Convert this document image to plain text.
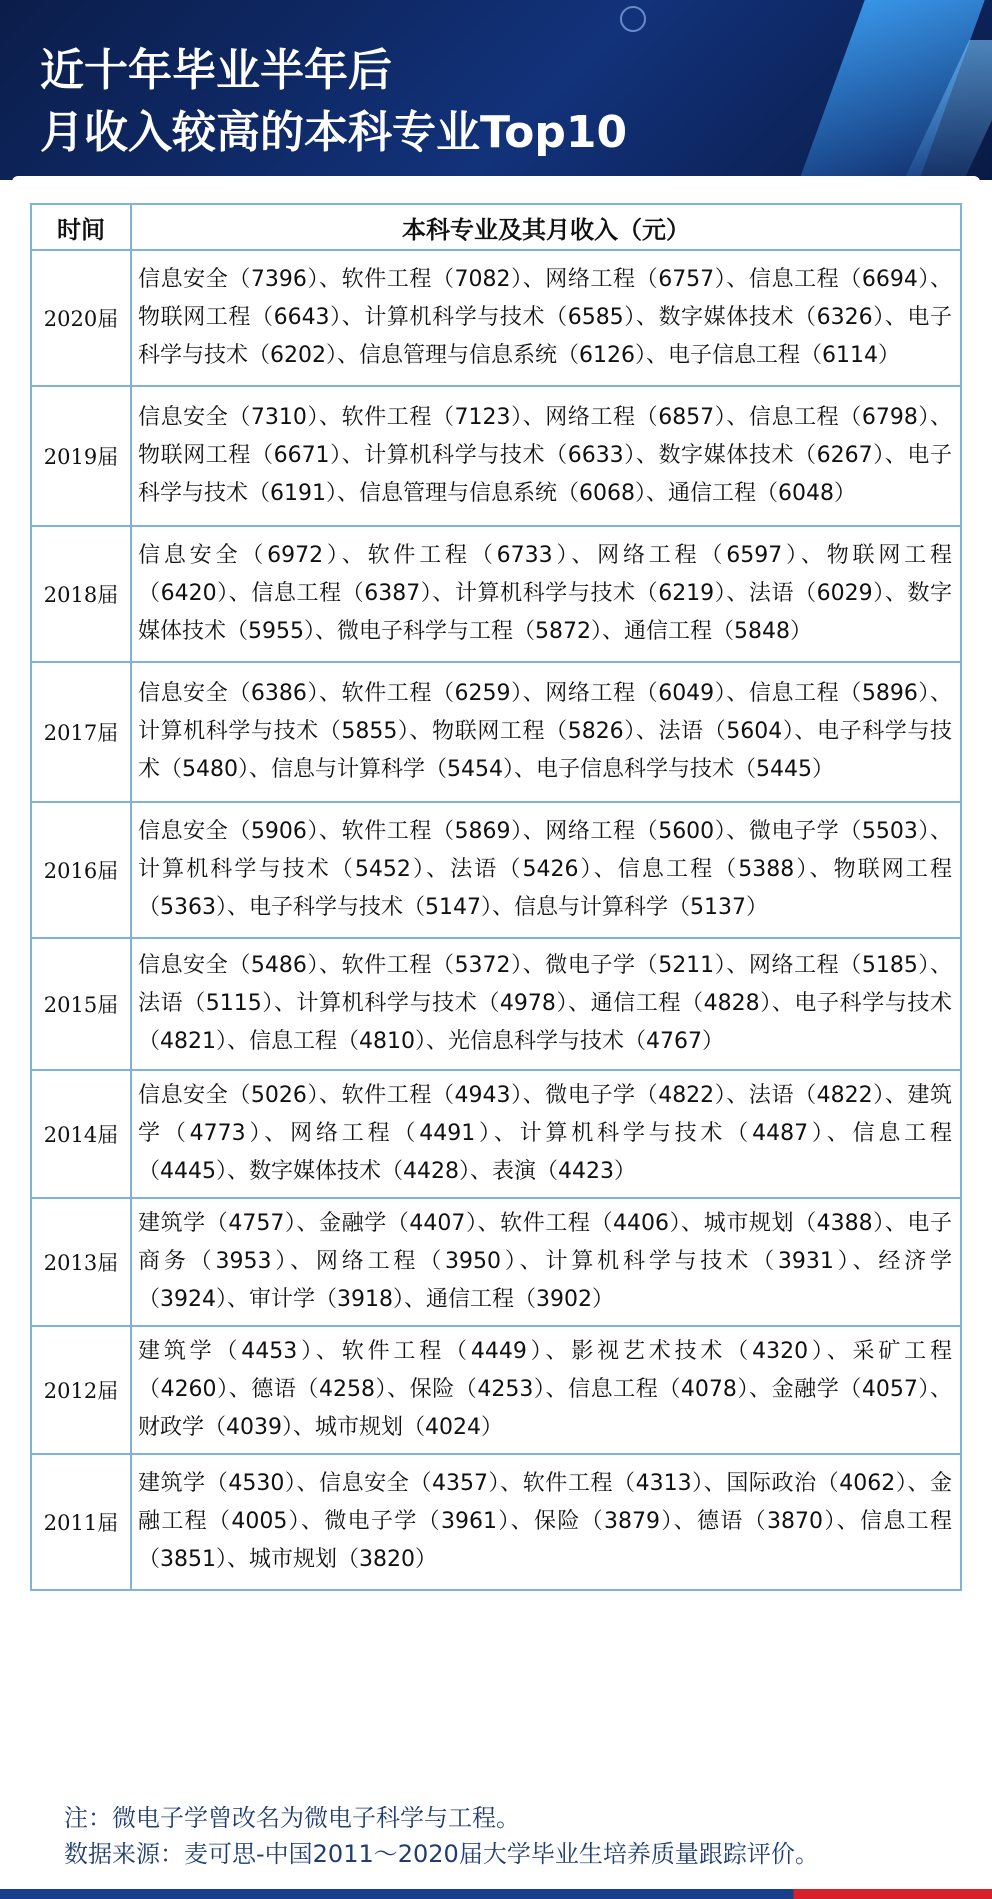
近十年毕业半年后
月收入较高的本科专业Top10
时间	本科专业及其月收入（元）
2020届	信息安全（7396）、软件工程（7082）、网络工程（6757）、信息工程（6694）、物联网工程（6643）、计算机科学与技术（6585）、数字媒体技术（6326）、电子科学与技术（6202）、信息管理与信息系统（6126）、电子信息工程（6114）
2019届	信息安全（7310）、软件工程（7123）、网络工程（6857）、信息工程（6798）、物联网工程（6671）、计算机科学与技术（6633）、数字媒体技术（6267）、电子科学与技术（6191）、信息管理与信息系统（6068）、通信工程（6048）
2018届	信息安全（6972）、软件工程（6733）、网络工程（6597）、物联网工程（6420）、信息工程（6387）、计算机科学与技术（6219）、法语（6029）、数字媒体技术（5955）、微电子科学与工程（5872）、通信工程（5848）
2017届	信息安全（6386）、软件工程（6259）、网络工程（6049）、信息工程（5896）、计算机科学与技术（5855）、物联网工程（5826）、法语（5604）、电子科学与技术（5480）、信息与计算科学（5454）、电子信息科学与技术（5445）
2016届	信息安全（5906）、软件工程（5869）、网络工程（5600）、微电子学（5503）、计算机科学与技术（5452）、法语（5426）、信息工程（5388）、物联网工程（5363）、电子科学与技术（5147）、信息与计算科学（5137）
2015届	信息安全（5486）、软件工程（5372）、微电子学（5211）、网络工程（5185）、法语（5115）、计算机科学与技术（4978）、通信工程（4828）、电子科学与技术（4821）、信息工程（4810）、光信息科学与技术（4767）
2014届	信息安全（5026）、软件工程（4943）、微电子学（4822）、法语（4822）、建筑学（4773）、网络工程（4491）、计算机科学与技术（4487）、信息工程（4445）、数字媒体技术（4428）、表演（4423）
2013届	建筑学（4757）、金融学（4407）、软件工程（4406）、城市规划（4388）、电子商务（3953）、网络工程（3950）、计算机科学与技术（3931）、经济学（3924）、审计学（3918）、通信工程（3902）
2012届	建筑学（4453）、软件工程（4449）、影视艺术技术（4320）、采矿工程（4260）、德语（4258）、保险（4253）、信息工程（4078）、金融学（4057）、财政学（4039）、城市规划（4024）
2011届	建筑学（4530）、信息安全（4357）、软件工程（4313）、国际政治（4062）、金融工程（4005）、微电子学（3961）、保险（3879）、德语（3870）、信息工程（3851）、城市规划（3820）
注：微电子学曾改名为微电子科学与工程。
数据来源：麦可思-中国2011～2020届大学毕业生培养质量跟踪评价。
